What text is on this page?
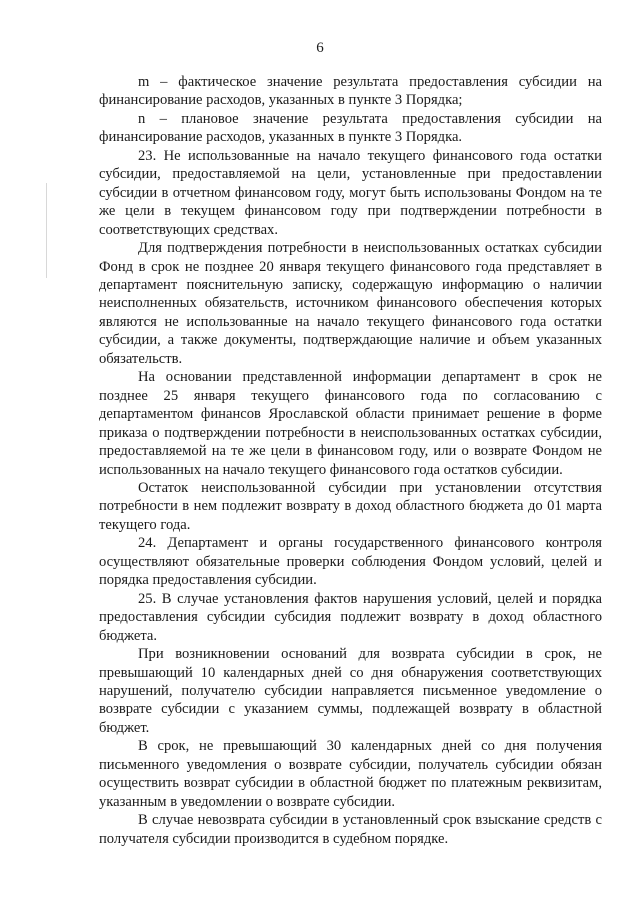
6

m – фактическое значение результата предоставления субсидии на финансирование расходов, указанных в пункте 3 Порядка;

n – плановое значение результата предоставления субсидии на финансирование расходов, указанных в пункте 3 Порядка.

23. Не использованные на начало текущего финансового года остатки субсидии, предоставляемой на цели, установленные при предоставлении субсидии в отчетном финансовом году, могут быть использованы Фондом на те же цели в текущем финансовом году при подтверждении потребности в соответствующих средствах.

Для подтверждения потребности в неиспользованных остатках субсидии Фонд в срок не позднее 20 января текущего финансового года представляет в департамент пояснительную записку, содержащую информацию о наличии неисполненных обязательств, источником финансового обеспечения которых являются не использованные на начало текущего финансового года остатки субсидии, а также документы, подтверждающие наличие и объем указанных обязательств.

На основании представленной информации департамент в срок не позднее 25 января текущего финансового года по согласованию с департаментом финансов Ярославской области принимает решение в форме приказа о подтверждении потребности в неиспользованных остатках субсидии, предоставляемой на те же цели в финансовом году, или о возврате Фондом не использованных на начало текущего финансового года остатков субсидии.

Остаток неиспользованной субсидии при установлении отсутствия потребности в нем подлежит возврату в доход областного бюджета до 01 марта текущего года.

24. Департамент и органы государственного финансового контроля осуществляют обязательные проверки соблюдения Фондом условий, целей и порядка предоставления субсидии.

25. В случае установления фактов нарушения условий, целей и порядка предоставления субсидии субсидия подлежит возврату в доход областного бюджета.

При возникновении оснований для возврата субсидии в срок, не превышающий 10 календарных дней со дня обнаружения соответствующих нарушений, получателю субсидии направляется письменное уведомление о возврате субсидии с указанием суммы, подлежащей возврату в областной бюджет.

В срок, не превышающий 30 календарных дней со дня получения письменного уведомления о возврате субсидии, получатель субсидии обязан осуществить возврат субсидии в областной бюджет по платежным реквизитам, указанным в уведомлении о возврате субсидии.

В случае невозврата субсидии в установленный срок взыскание средств с получателя субсидии производится в судебном порядке.
